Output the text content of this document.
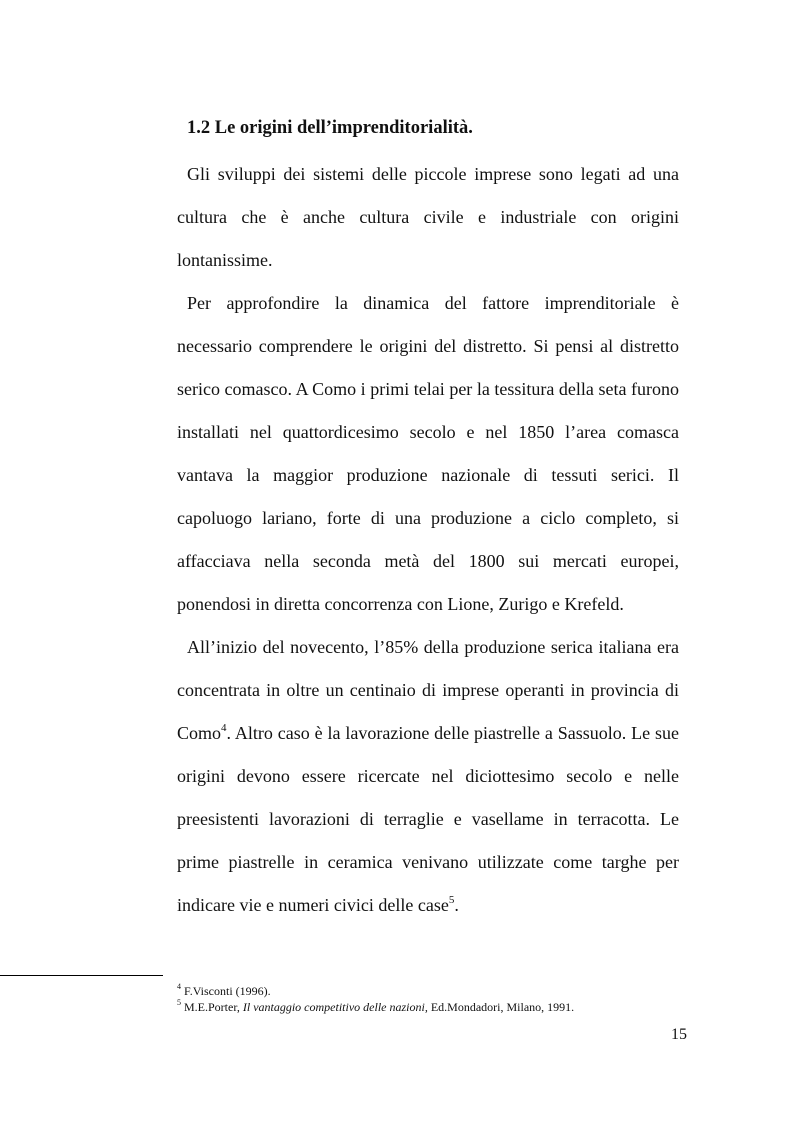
1.2 Le origini dell’imprenditorialità.

Gli sviluppi dei sistemi delle piccole imprese sono legati ad una cultura che è anche cultura civile e industriale con origini lontanissime.

Per approfondire la dinamica del fattore imprenditoriale è necessario comprendere le origini del distretto. Si pensi al distretto serico comasco. A Como i primi telai per la tessitura della seta furono installati nel quattordicesimo secolo e nel 1850 l’area comasca vantava la maggior produzione nazionale di tessuti serici. Il capoluogo lariano, forte di una produzione a ciclo completo, si affacciava nella seconda metà del 1800 sui mercati europei, ponendosi in diretta concorrenza con Lione, Zurigo e Krefeld.

All’inizio del novecento, l’85% della produzione serica italiana era concentrata in oltre un centinaio di imprese operanti in provincia di Como$^4$. Altro caso è la lavorazione delle piastrelle a Sassuolo. Le sue origini devono essere ricercate nel diciottesimo secolo e nelle preesistenti lavorazioni di terraglie e vasellame in terracotta. Le prime piastrelle in ceramica venivano utilizzate come targhe per indicare vie e numeri civici delle case$^5$.

$^4$ F.Visconti (1996).
$^5$ M.E.Porter, Il vantaggio competitivo delle nazioni, Ed.Mondadori, Milano, 1991.
15
